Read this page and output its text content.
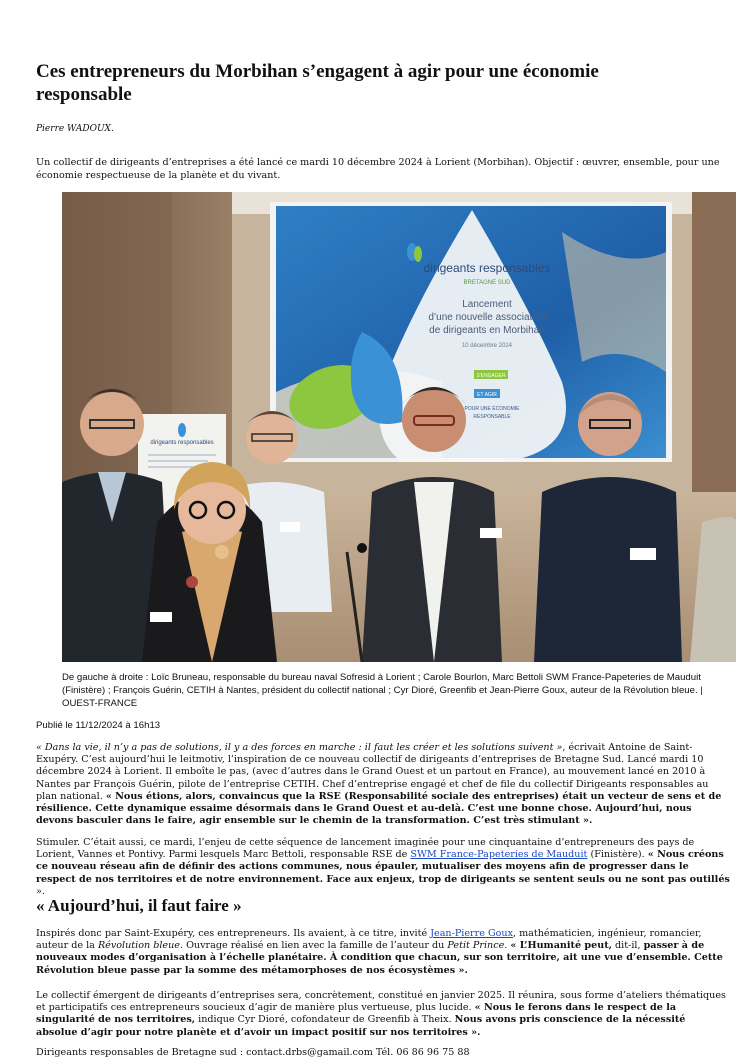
Ces entrepreneurs du Morbihan s’engagent à agir pour une économie responsable
Pierre WADOUX.
Un collectif de dirigeants d’entreprises a été lancé ce mardi 10 décembre 2024 à Lorient (Morbihan). Objectif : œuvrer, ensemble, pour une économie respectueuse de la planète et du vivant.
dirigeants responsables
BRETAGNE SUD
Lancement
d’une nouvelle association
de dirigeants en Morbihan
10 décembre 2024
S'ENGAGER
ET AGIR
POUR UNE ÉCONOMIE
RESPONSABLE
dirigeants responsables
De gauche à droite : Loïc Bruneau, responsable du bureau naval Sofresid à Lorient ; Carole Bourlon, Marc Bettoli SWM France-Papeteries de Mauduit (Finistère) ; François Guérin, CETIH à Nantes, président du collectif national ; Cyr Dioré, Greenfib et Jean-Pierre Goux, auteur de la Révolution bleue. | OUEST-FRANCE
Publié le 11/12/2024 à 16h13

« Dans la vie, il n’y a pas de solutions, il y a des forces en marche : il faut les créer et les solutions suivent », écrivait Antoine de Saint-Exupéry. C’est aujourd’hui le leitmotiv, l’inspiration de ce nouveau collectif de dirigeants d’entreprises de Bretagne Sud. Lancé mardi 10 décembre 2024 à Lorient. Il emboîte le pas, (avec d’autres dans le Grand Ouest et un partout en France), au mouvement lancé en 2010 à Nantes par François Guérin, pilote de l’entreprise CETIH. Chef d’entreprise engagé et chef de file du collectif Dirigeants responsables au plan national. « Nous étions, alors, convaincus que la RSE (Responsabilité sociale des entreprises) était un vecteur de sens et de résilience. Cette dynamique essaime désormais dans le Grand Ouest et au-delà. C’est une bonne chose. Aujourd’hui, nous devons basculer dans le faire, agir ensemble sur le chemin de la transformation. C’est très stimulant ».

Stimuler. C’était aussi, ce mardi, l’enjeu de cette séquence de lancement imaginée pour une cinquantaine d’entrepreneurs des pays de Lorient, Vannes et Pontivy. Parmi lesquels Marc Bettoli, responsable RSE de SWM France-Papeteries de Mauduit (Finistère). « Nous créons ce nouveau réseau afin de définir des actions communes, nous épauler, mutualiser des moyens afin de progresser dans le respect de nos territoires et de notre environnement. Face aux enjeux, trop de dirigeants se sentent seuls ou ne sont pas outillés ».

« Aujourd’hui, il faut faire »

Inspirés donc par Saint-Exupéry, ces entrepreneurs. Ils avaient, à ce titre, invité Jean-Pierre Goux, mathématicien, ingénieur, romancier, auteur de la Révolution bleue. Ouvrage réalisé en lien avec la famille de l’auteur du Petit Prince. « L’Humanité peut, dit-il, passer à de nouveaux modes d’organisation à l’échelle planétaire. À condition que chacun, sur son territoire, ait une vue d’ensemble. Cette Révolution bleue passe par la somme des métamorphoses de nos écosystèmes ».

Le collectif émergent de dirigeants d’entreprises sera, concrètement, constitué en janvier 2025. Il réunira, sous forme d’ateliers thématiques et participatifs ces entrepreneurs soucieux d’agir de manière plus vertueuse, plus lucide. « Nous le ferons dans le respect de la singularité de nos territoires, indique Cyr Dioré, cofondateur de Greenfib à Theix. Nous avons pris conscience de la nécessité absolue d’agir pour notre planète et d’avoir un impact positif sur nos territoires ».

Dirigeants responsables de Bretagne sud : contact.drbs@gamail.com Tél. 06 86 96 75 88
